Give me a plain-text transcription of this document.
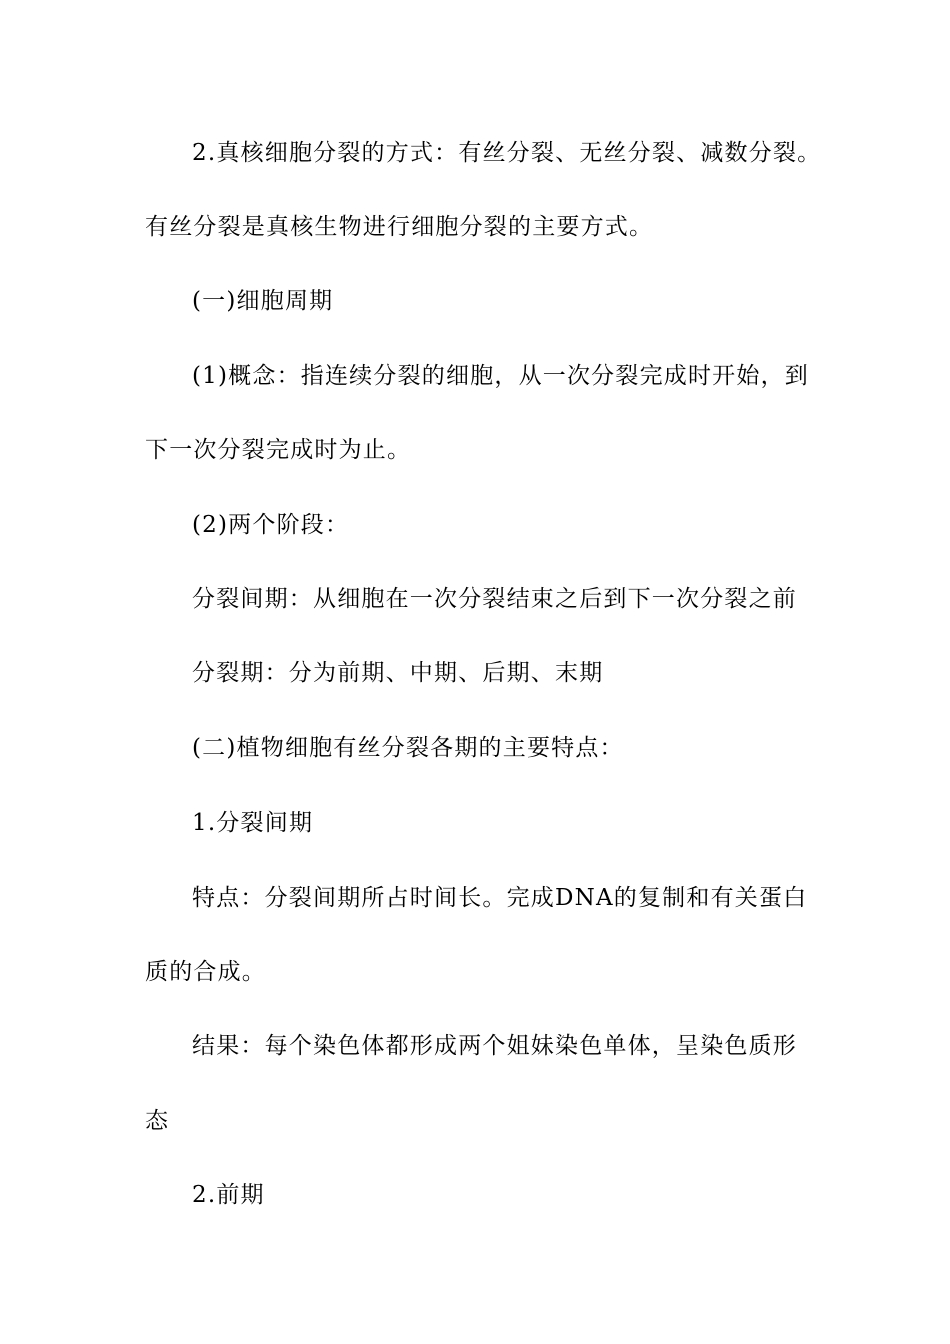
2.真核细胞分裂的方式：有丝分裂、无丝分裂、减数分裂。
有丝分裂是真核生物进行细胞分裂的主要方式。
(一)细胞周期
(1)概念：指连续分裂的细胞，从一次分裂完成时开始，到
下一次分裂完成时为止。
(2)两个阶段：
分裂间期：从细胞在一次分裂结束之后到下一次分裂之前
分裂期：分为前期、中期、后期、末期
(二)植物细胞有丝分裂各期的主要特点：
1.分裂间期
特点：分裂间期所占时间长。完成DNA的复制和有关蛋白
质的合成。
结果：每个染色体都形成两个姐妹染色单体，呈染色质形
态
2.前期
